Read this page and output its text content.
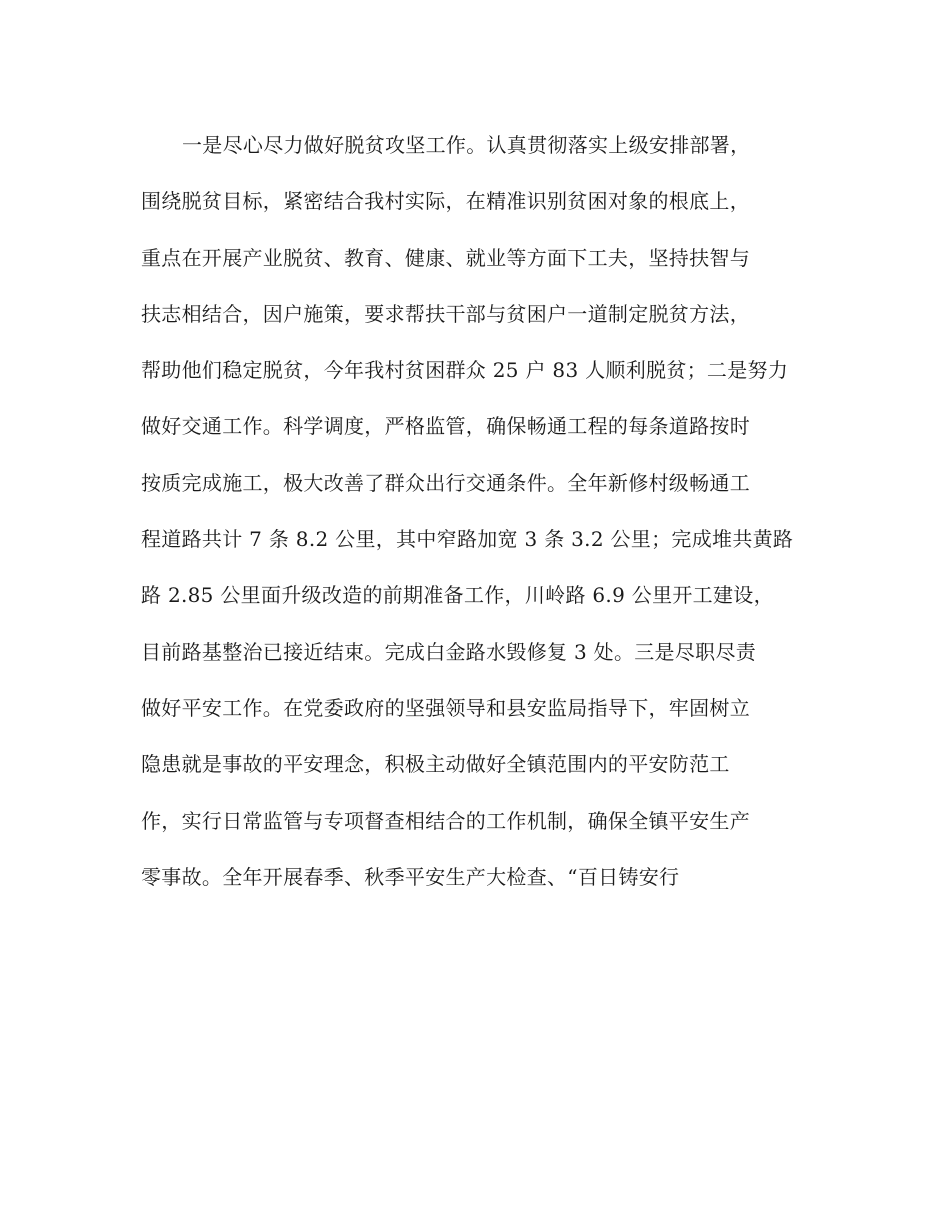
一是尽心尽力做好脱贫攻坚工作。认真贯彻落实上级安排部署，
围绕脱贫目标，紧密结合我村实际，在精准识别贫困对象的根底上，
重点在开展产业脱贫、教育、健康、就业等方面下工夫，坚持扶智与
扶志相结合，因户施策，要求帮扶干部与贫困户一道制定脱贫方法，
帮助他们稳定脱贫，今年我村贫困群众 25 户 83 人顺利脱贫；二是努力
做好交通工作。科学调度，严格监管，确保畅通工程的每条道路按时
按质完成施工，极大改善了群众出行交通条件。全年新修村级畅通工
程道路共计 7 条 8.2 公里，其中窄路加宽 3 条 3.2 公里；完成堆共黄路
路 2.85 公里面升级改造的前期准备工作，川岭路 6.9 公里开工建设，
目前路基整治已接近结束。完成白金路水毁修复 3 处。三是尽职尽责
做好平安工作。在党委政府的坚强领导和县安监局指导下，牢固树立
隐患就是事故的平安理念，积极主动做好全镇范围内的平安防范工
作，实行日常监管与专项督查相结合的工作机制，确保全镇平安生产
零事故。全年开展春季、秋季平安生产大检查、“百日铸安行
